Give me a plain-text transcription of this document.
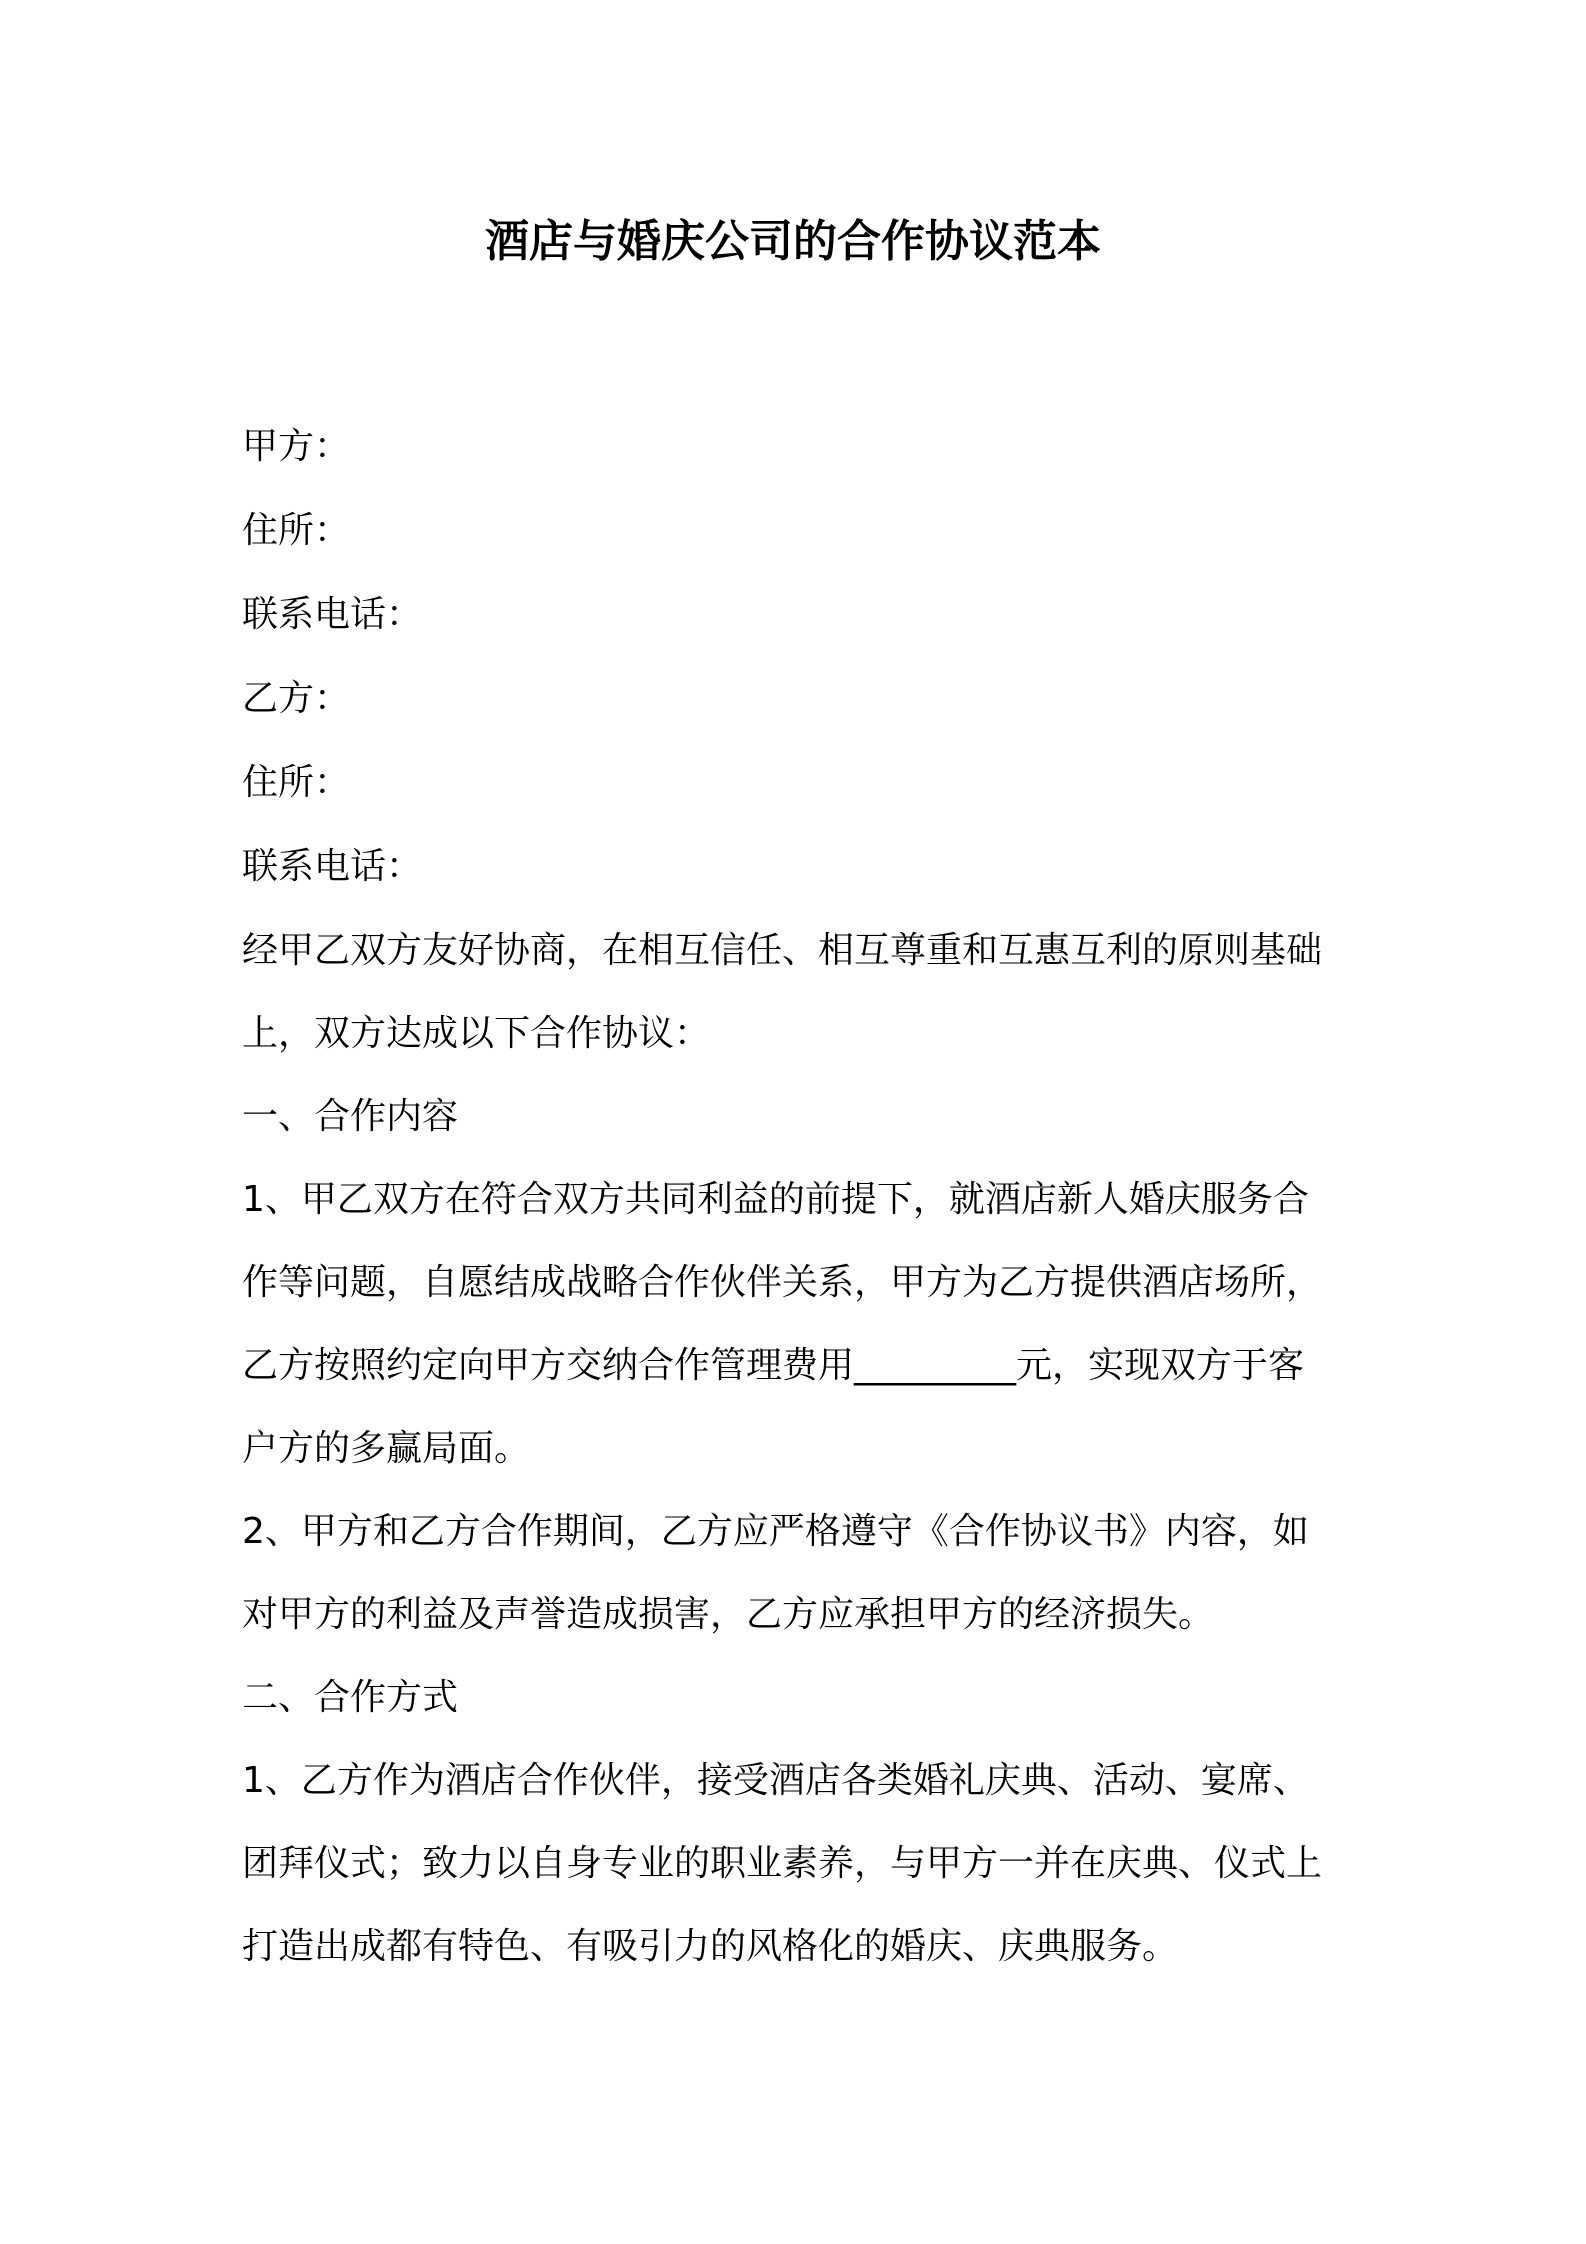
酒店与婚庆公司的合作协议范本
甲方：
住所：
联系电话：
乙方：
住所：
联系电话：
经甲乙双方友好协商，在相互信任、相互尊重和互惠互利的原则基础
上，双方达成以下合作协议：
一、合作内容
1、甲乙双方在符合双方共同利益的前提下，就酒店新人婚庆服务合
作等问题，自愿结成战略合作伙伴关系，甲方为乙方提供酒店场所，
乙方按照约定向甲方交纳合作管理费用_________元，实现双方于客
户方的多赢局面。
2、甲方和乙方合作期间，乙方应严格遵守《合作协议书》内容，如
对甲方的利益及声誉造成损害，乙方应承担甲方的经济损失。
二、合作方式
1、乙方作为酒店合作伙伴，接受酒店各类婚礼庆典、活动、宴席、
团拜仪式；致力以自身专业的职业素养，与甲方一并在庆典、仪式上
打造出成都有特色、有吸引力的风格化的婚庆、庆典服务。
